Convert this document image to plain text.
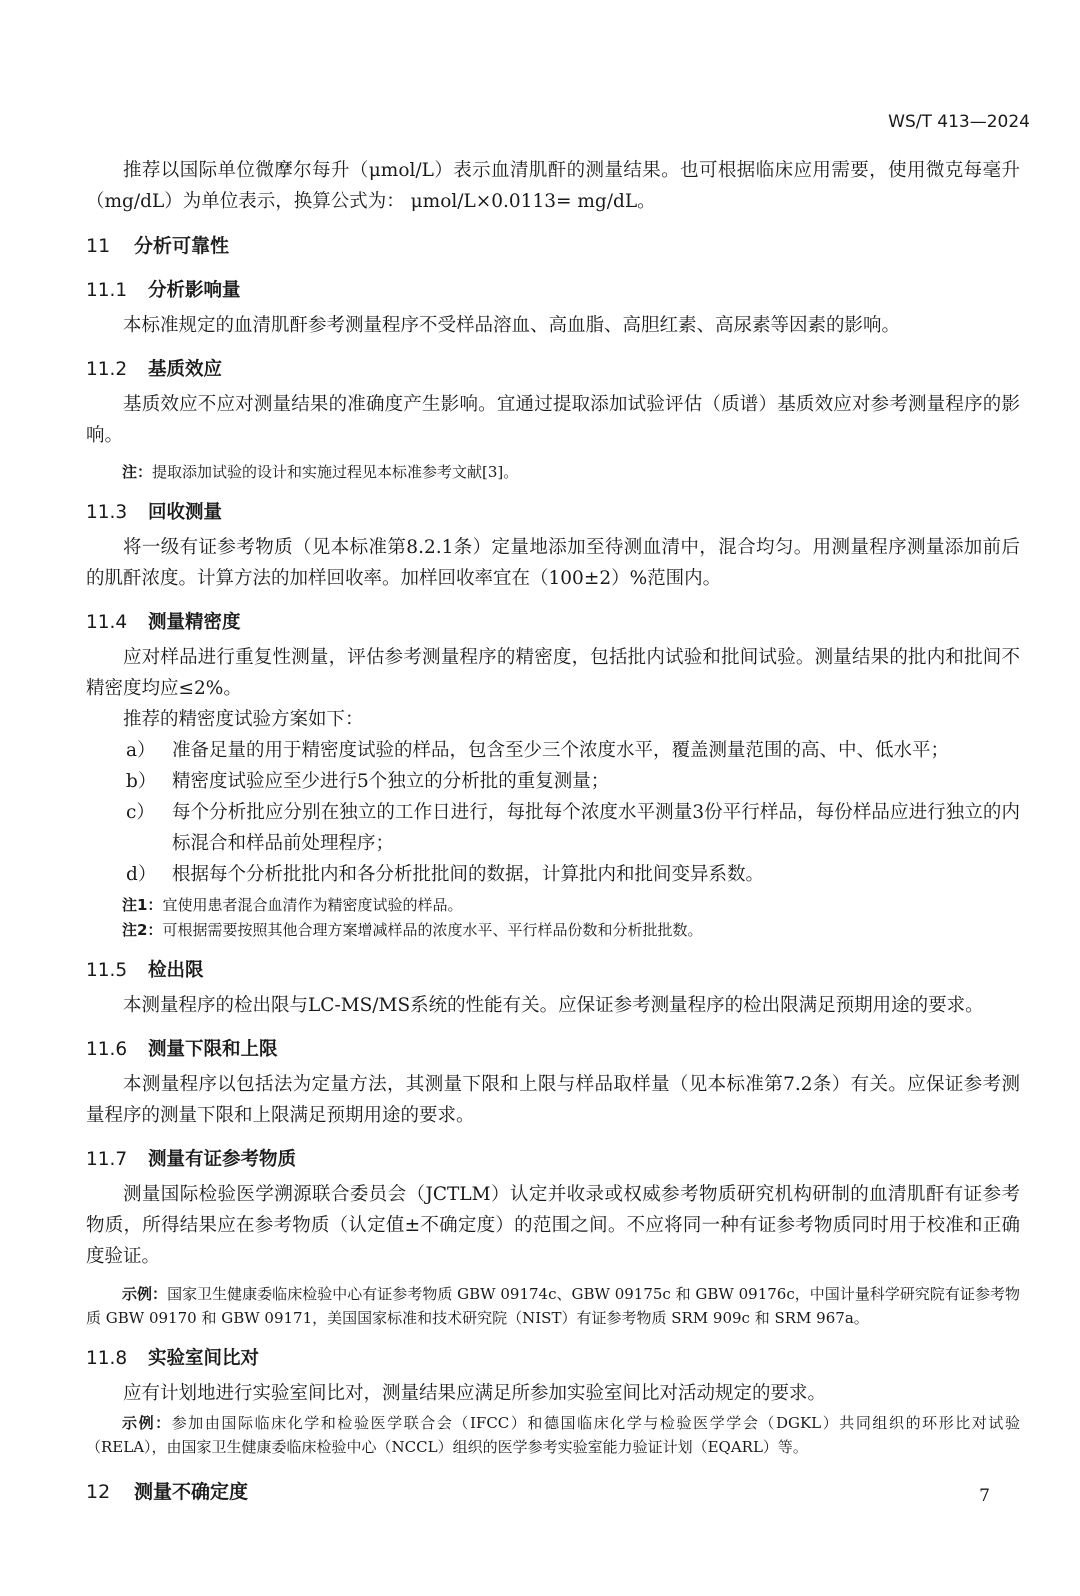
WS/T 413—2024

推荐以国际单位微摩尔每升（μmol/L）表示血清肌酐的测量结果。也可根据临床应用需要，使用微克每毫升（mg/dL）为单位表示，换算公式为： μmol/L×0.0113= mg/dL。

11 分析可靠性
11.1 分析影响量

本标准规定的血清肌酐参考测量程序不受样品溶血、高血脂、高胆红素、高尿素等因素的影响。

11.2 基质效应

基质效应不应对测量结果的准确度产生影响。宜通过提取添加试验评估（质谱）基质效应对参考测量程序的影响。

注：提取添加试验的设计和实施过程见本标准参考文献[3]。

11.3 回收测量

将一级有证参考物质（见本标准第8.2.1条）定量地添加至待测血清中，混合均匀。用测量程序测量添加前后的肌酐浓度。计算方法的加样回收率。加样回收率宜在（100±2）%范围内。

11.4 测量精密度

应对样品进行重复性测量，评估参考测量程序的精密度，包括批内试验和批间试验。测量结果的批内和批间不精密度均应≤2%。

推荐的精密度试验方案如下：

a） 准备足量的用于精密度试验的样品，包含至少三个浓度水平，覆盖测量范围的高、中、低水平；
b） 精密度试验应至少进行5个独立的分析批的重复测量；
c） 每个分析批应分别在独立的工作日进行，每批每个浓度水平测量3份平行样品，每份样品应进行独立的内标混合和样品前处理程序；
d） 根据每个分析批批内和各分析批批间的数据，计算批内和批间变异系数。

注1：宜使用患者混合血清作为精密度试验的样品。

注2：可根据需要按照其他合理方案增减样品的浓度水平、平行样品份数和分析批批数。

11.5 检出限

本测量程序的检出限与LC-MS/MS系统的性能有关。应保证参考测量程序的检出限满足预期用途的要求。

11.6 测量下限和上限

本测量程序以包括法为定量方法，其测量下限和上限与样品取样量（见本标准第7.2条）有关。应保证参考测量程序的测量下限和上限满足预期用途的要求。

11.7 测量有证参考物质

测量国际检验医学溯源联合委员会（JCTLM）认定并收录或权威参考物质研究机构研制的血清肌酐有证参考物质，所得结果应在参考物质（认定值±不确定度）的范围之间。不应将同一种有证参考物质同时用于校准和正确度验证。

示例：国家卫生健康委临床检验中心有证参考物质 GBW 09174c、GBW 09175c 和 GBW 09176c，中国计量科学研究院有证参考物质 GBW 09170 和 GBW 09171，美国国家标准和技术研究院（NIST）有证参考物质 SRM 909c 和 SRM 967a。

11.8 实验室间比对

应有计划地进行实验室间比对，测量结果应满足所参加实验室间比对活动规定的要求。

示例：参加由国际临床化学和检验医学联合会（IFCC）和德国临床化学与检验医学学会（DGKL）共同组织的环形比对试验（RELA），由国家卫生健康委临床检验中心（NCCL）组织的医学参考实验室能力验证计划（EQARL）等。

12 测量不确定度	7
